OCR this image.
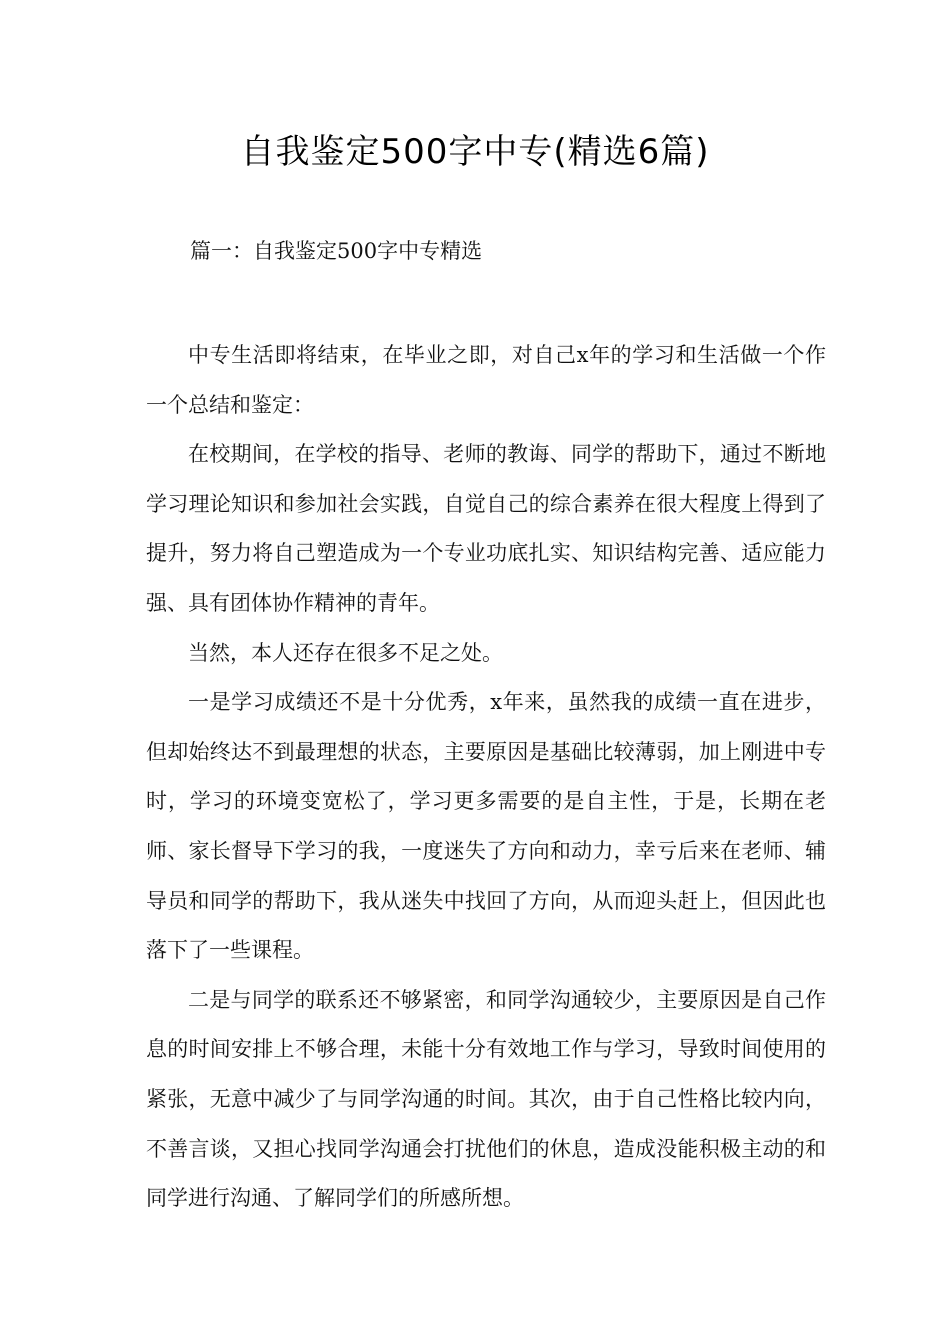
自我鉴定500字中专(精选6篇)

篇一：自我鉴定500字中专精选

中专生活即将结束，在毕业之即，对自己x年的学习和生活做一个作一个总结和鉴定：

在校期间，在学校的指导、老师的教诲、同学的帮助下，通过不断地学习理论知识和参加社会实践，自觉自己的综合素养在很大程度上得到了提升，努力将自己塑造成为一个专业功底扎实、知识结构完善、适应能力强、具有团体协作精神的青年。

当然，本人还存在很多不足之处。

一是学习成绩还不是十分优秀，x年来，虽然我的成绩一直在进步，但却始终达不到最理想的状态，主要原因是基础比较薄弱，加上刚进中专时，学习的环境变宽松了，学习更多需要的是自主性，于是，长期在老师、家长督导下学习的我，一度迷失了方向和动力，幸亏后来在老师、辅导员和同学的帮助下，我从迷失中找回了方向，从而迎头赶上，但因此也落下了一些课程。

二是与同学的联系还不够紧密，和同学沟通较少，主要原因是自己作息的时间安排上不够合理，未能十分有效地工作与学习，导致时间使用的紧张，无意中减少了与同学沟通的时间。其次，由于自己性格比较内向，不善言谈，又担心找同学沟通会打扰他们的休息，造成没能积极主动的和同学进行沟通、了解同学们的所感所想。
